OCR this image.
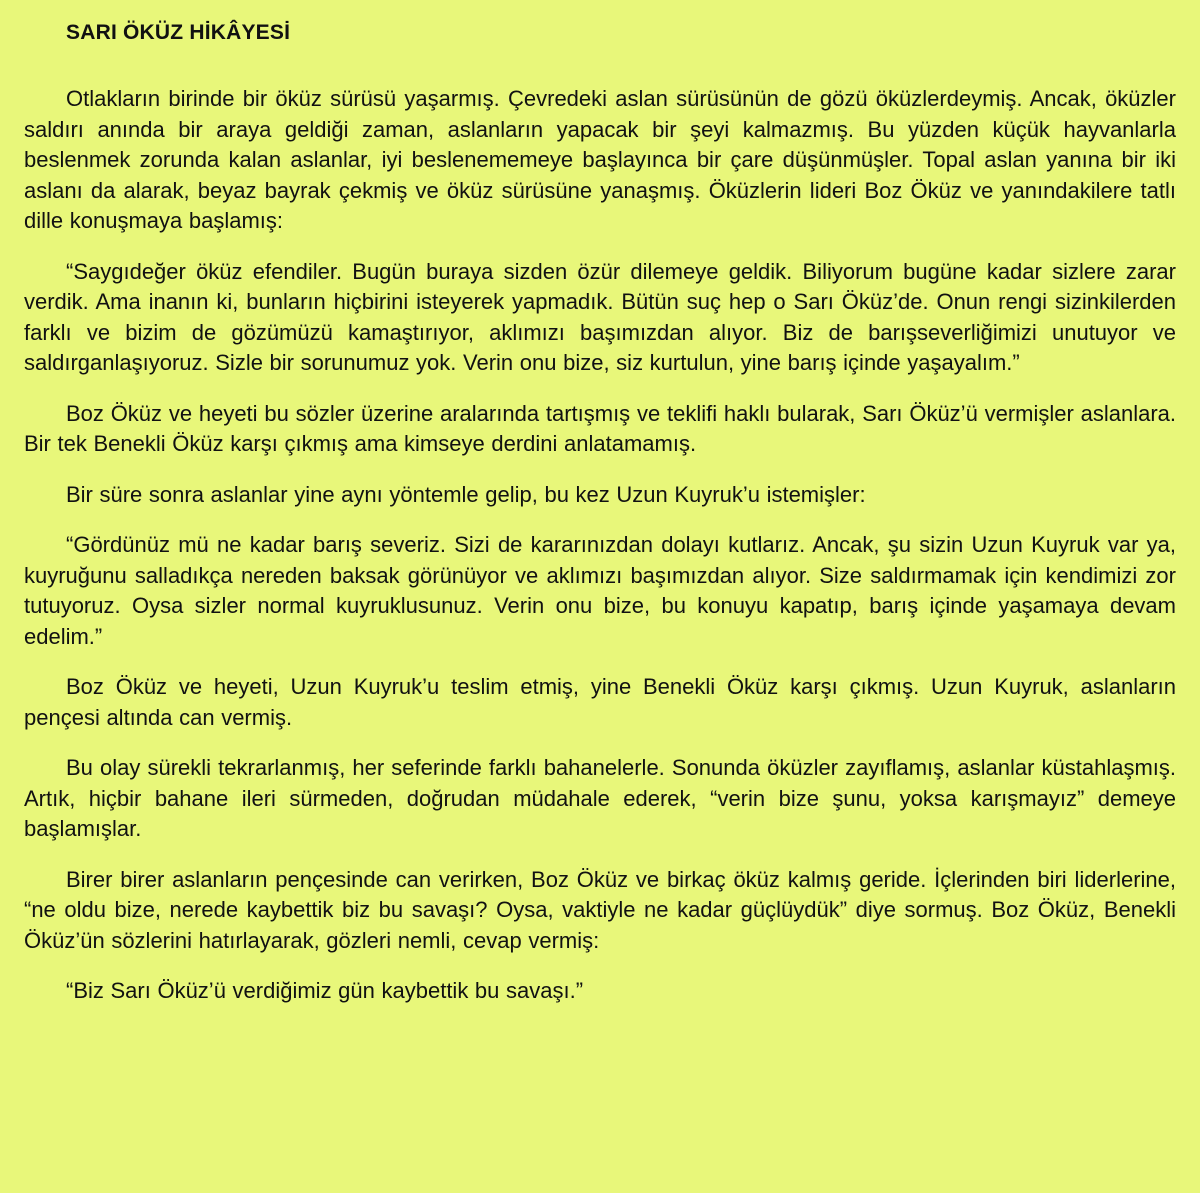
SARI ÖKÜZ HİKÂYESİ

Otlakların birinde bir öküz sürüsü yaşarmış. Çevredeki aslan sürüsünün de gözü öküzlerdeymiş. Ancak, öküzler saldırı anında bir araya geldiği zaman, aslanların yapacak bir şeyi kalmazmış. Bu yüzden küçük hayvanlarla beslenmek zorunda kalan aslanlar, iyi beslenememeye başlayınca bir çare düşünmüşler. Topal aslan yanına bir iki aslanı da alarak, beyaz bayrak çekmiş ve öküz sürüsüne yanaşmış. Öküzlerin lideri Boz Öküz ve yanındakilere tatlı dille konuşmaya başlamış:

“Saygıdeğer öküz efendiler. Bugün buraya sizden özür dilemeye geldik. Biliyorum bugüne kadar sizlere zarar verdik. Ama inanın ki, bunların hiçbirini isteyerek yapmadık. Bütün suç hep o Sarı Öküz’de. Onun rengi sizinkilerden farklı ve bizim de gözümüzü kamaştırıyor, aklımızı başımızdan alıyor. Biz de barışseverliğimizi unutuyor ve saldırganlaşıyoruz. Sizle bir sorunumuz yok. Verin onu bize, siz kurtulun, yine barış içinde yaşayalım.”

Boz Öküz ve heyeti bu sözler üzerine aralarında tartışmış ve teklifi haklı bularak, Sarı Öküz’ü vermişler aslanlara. Bir tek Benekli Öküz karşı çıkmış ama kimseye derdini anlatamamış.

Bir süre sonra aslanlar yine aynı yöntemle gelip, bu kez Uzun Kuyruk’u istemişler:

“Gördünüz mü ne kadar barış severiz. Sizi de kararınızdan dolayı kutlarız. Ancak, şu sizin Uzun Kuyruk var ya, kuyruğunu salladıkça nereden baksak görünüyor ve aklımızı başımızdan alıyor. Size saldırmamak için kendimizi zor tutuyoruz. Oysa sizler normal kuyruklusunuz. Verin onu bize, bu konuyu kapatıp, barış içinde yaşamaya devam edelim.”

Boz Öküz ve heyeti, Uzun Kuyruk’u teslim etmiş, yine Benekli Öküz karşı çıkmış. Uzun Kuyruk, aslanların pençesi altında can vermiş.

Bu olay sürekli tekrarlanmış, her seferinde farklı bahanelerle. Sonunda öküzler zayıflamış, aslanlar küstahlaşmış. Artık, hiçbir bahane ileri sürmeden, doğrudan müdahale ederek, “verin bize şunu, yoksa karışmayız” demeye başlamışlar.

Birer birer aslanların pençesinde can verirken, Boz Öküz ve birkaç öküz kalmış geride. İçlerinden biri liderlerine, “ne oldu bize, nerede kaybettik biz bu savaşı? Oysa, vaktiyle ne kadar güçlüydük” diye sormuş. Boz Öküz, Benekli Öküz’ün sözlerini hatırlayarak, gözleri nemli, cevap vermiş:

“Biz Sarı Öküz’ü verdiğimiz gün kaybettik bu savaşı.”
